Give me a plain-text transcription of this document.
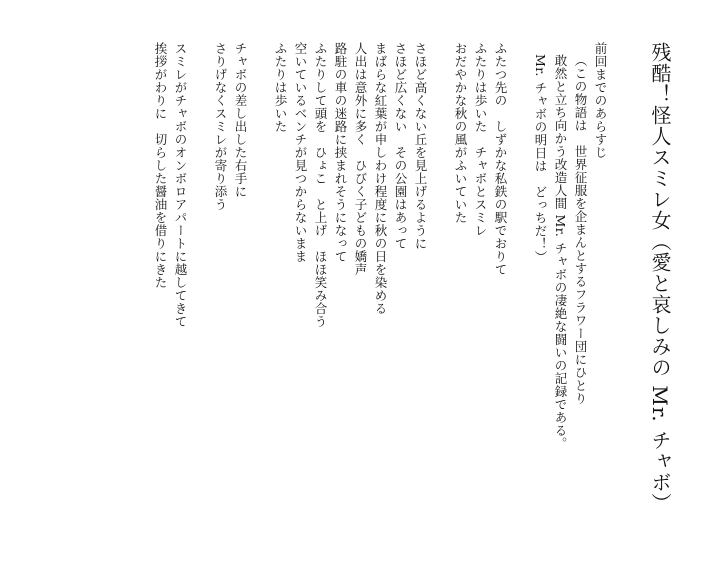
残酷！怪人スミレ女（愛と哀しみの Mr. チャボ）
前回までのあらすじ
（この物語は　世界征服を企まんとするフラワー団にひとり
敢然と立ち向かう改造人間 Mr. チャボの凄絶な闘いの記録である。
Mr. チャボの明日は　どっちだ！）
ふたつ先の　しずかな私鉄の駅でおりて
ふたりは歩いた　チャボとスミレ
おだやかな秋の風がふいていた
さほど高くない丘を見上げるように
さほど広くない　その公園はあって
まばらな紅葉が申しわけ程度に秋の日を染める
人出は意外に多く　ひびく子どもの嬌声
路駐の車の迷路に挟まれそうになって
ふたりして頭を　ひょこ　と上げ　ほほ笑み合う
空いているベンチが見つからないまま
ふたりは歩いた
チャボの差し出した右手に
さりげなくスミレが寄り添う
スミレがチャボのオンボロアパートに越してきて
挨拶がわりに　切らした醤油を借りにきた
